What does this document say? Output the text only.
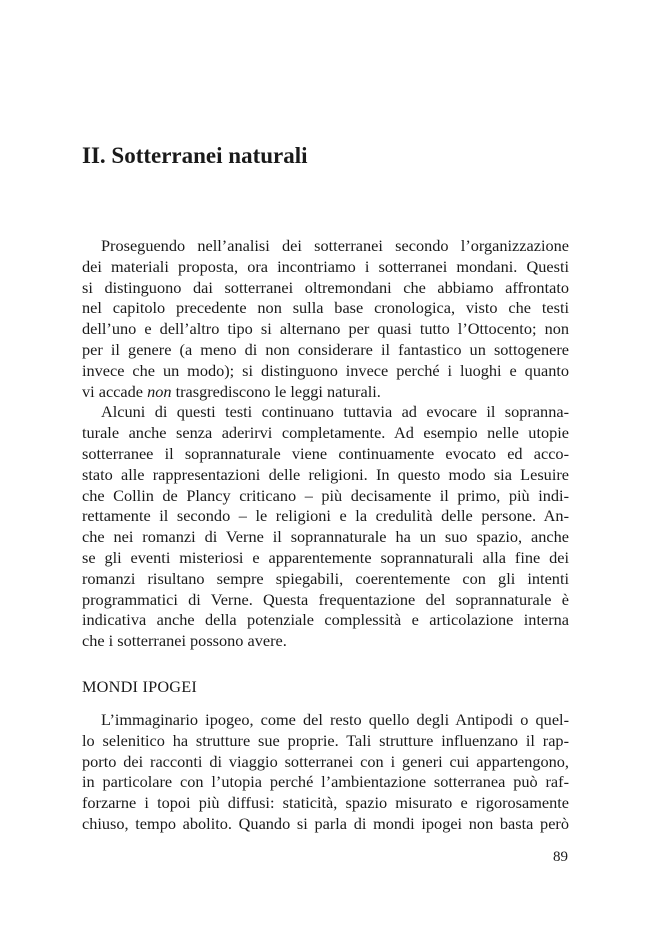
II. Sotterranei naturali
Proseguendo nell’analisi dei sotterranei secondo l’organizzazione
dei materiali proposta, ora incontriamo i sotterranei mondani. Questi
si distinguono dai sotterranei oltremondani che abbiamo affrontato
nel capitolo precedente non sulla base cronologica, visto che testi
dell’uno e dell’altro tipo si alternano per quasi tutto l’Ottocento; non
per il genere (a meno di non considerare il fantastico un sottogenere
invece che un modo); si distinguono invece perché i luoghi e quanto
vi accade non trasgrediscono le leggi naturali.
Alcuni di questi testi continuano tuttavia ad evocare il sopranna-
turale anche senza aderirvi completamente. Ad esempio nelle utopie
sotterranee il soprannaturale viene continuamente evocato ed acco-
stato alle rappresentazioni delle religioni. In questo modo sia Lesuire
che Collin de Plancy criticano – più decisamente il primo, più indi-
rettamente il secondo – le religioni e la credulità delle persone. An-
che nei romanzi di Verne il soprannaturale ha un suo spazio, anche
se gli eventi misteriosi e apparentemente soprannaturali alla fine dei
romanzi risultano sempre spiegabili, coerentemente con gli intenti
programmatici di Verne. Questa frequentazione del soprannaturale è
indicativa anche della potenziale complessità e articolazione interna
che i sotterranei possono avere.
MONDI IPOGEI
L’immaginario ipogeo, come del resto quello degli Antipodi o quel-
lo selenitico ha strutture sue proprie. Tali strutture influenzano il rap-
porto dei racconti di viaggio sotterranei con i generi cui appartengono,
in particolare con l’utopia perché l’ambientazione sotterranea può raf-
forzarne i topoi più diffusi: staticità, spazio misurato e rigorosamente
chiuso, tempo abolito. Quando si parla di mondi ipogei non basta però
89
